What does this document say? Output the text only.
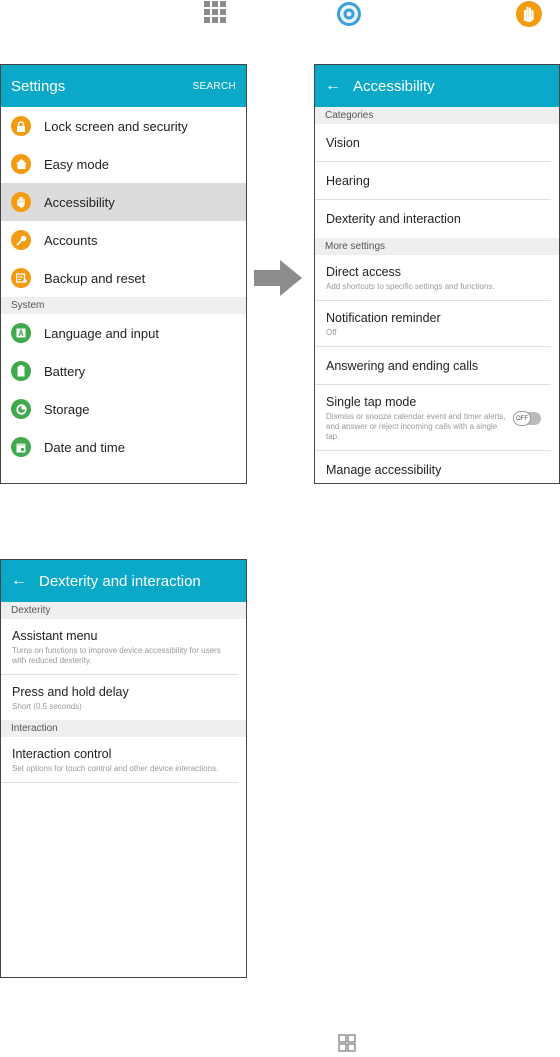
Settings	SEARCH
Lock screen and security
Easy mode
Accessibility
Accounts
Backup and reset
System
Language and input
Battery
Storage
Date and time
← Accessibility
Categories
Vision
Hearing
Dexterity and interaction
More settings
Direct access
Add shortcuts to specific settings and functions.
Notification reminder
Off
Answering and ending calls
Single tap mode
Dismiss or snooze calendar event and timer alerts, and answer or reject incoming calls with a single tap.
OFF
Manage accessibility
← Dexterity and interaction
Dexterity
Assistant menu
Turns on functions to improve device accessibility for users with reduced dexterity.
Press and hold delay
Short (0.5 seconds)
Interaction
Interaction control
Set options for touch control and other device interactions.
